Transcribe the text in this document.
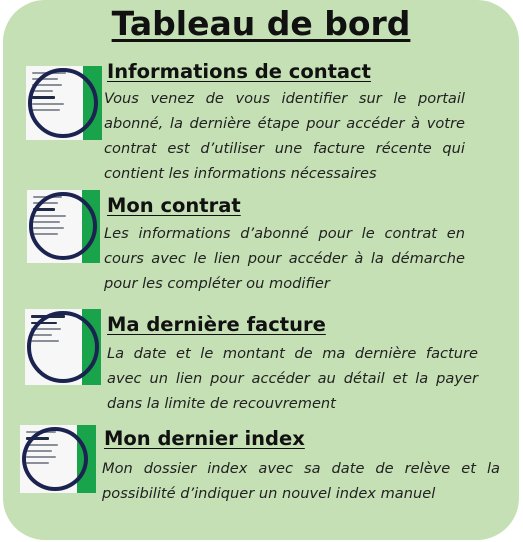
Tableau de bord
Informations de contact

Vous venez de vous identifier sur le portail abonné, la dernière étape pour accéder à votre contrat est d’utiliser une facture récente qui contient les informations nécessaires

Mon contrat

Les informations d’abonné pour le contrat en cours avec le lien pour accéder à la démarche pour les compléter ou modifier

Ma dernière facture

La date et le montant de ma dernière facture avec un lien pour accéder au détail et la payer dans la limite de recouvrement

Mon dernier index

Mon dossier index avec sa date de relève et la possibilité d’indiquer un nouvel index manuel
